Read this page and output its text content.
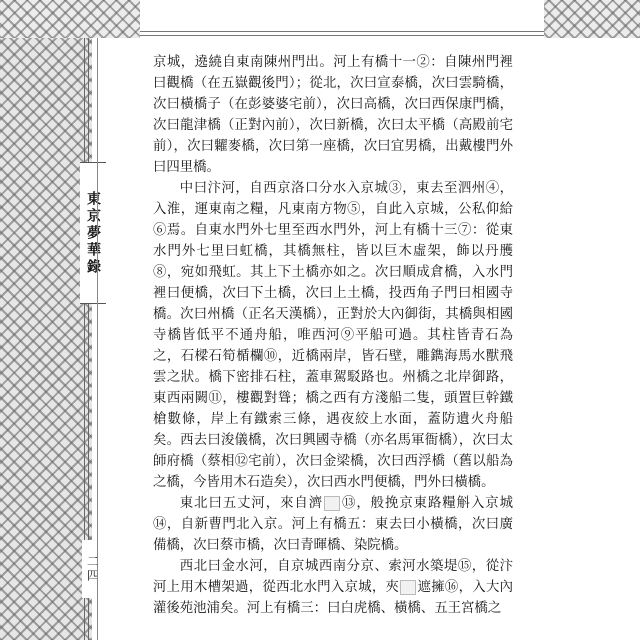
東京夢華錄
二四

京城，遶繞自東南陳州門出。河上有橋十一②：自陳州門裡曰觀橋（在五嶽觀後門）；從北，次曰宣泰橋，次曰雲騎橋，次曰橫橋子（在彭婆婆宅前），次曰高橋，次曰西保康門橋，次曰龍津橋（正對內前），次曰新橋，次曰太平橋（高殿前宅前），次曰糶麥橋，次曰第一座橋，次曰宜男橋，出戴樓門外曰四里橋。

中曰汴河，自西京洛口分水入京城③，東去至泗州④，入淮，運東南之糧，凡東南方物⑤，自此入京城，公私仰給⑥焉。自東水門外七里至西水門外，河上有橋十三⑦：從東水門外七里曰虹橋，其橋無柱，皆以巨木虛架，飾以丹雘⑧，宛如飛虹。其上下土橋亦如之。次曰順成倉橋，入水門裡曰便橋，次曰下土橋，次曰上土橋，投西角子門曰相國寺橋。次曰州橋（正名天漢橋），正對於大內御街，其橋與相國寺橋皆低平不通舟船，唯西河⑨平船可過。其柱皆青石為之，石樑石筍楯欄⑩，近橋兩岸，皆石壁，雕鐫海馬水獸飛雲之狀。橋下密排石柱，蓋車駕駁路也。州橋之北岸御路，東西兩闕⑪，樓觀對聳；橋之西有方淺船二隻，頭置巨幹鐵槍數條，岸上有鐵索三條，遇夜絞上水面，蓋防遺火舟船矣。西去曰浚儀橋，次曰興國寺橋（亦名馬軍衙橋），次曰太師府橋（蔡相⑫宅前），次曰金梁橋，次曰西浮橋（舊以船為之橋，今皆用木石造矣），次曰西水門便橋，門外曰橫橋。

東北曰五丈河，來自濟 ⑬，般挽京東路糧斛入京城⑭，自新曹門北入京。河上有橋五：東去曰小橫橋，次曰廣備橋，次曰蔡市橋，次曰青暉橋、染院橋。

西北曰金水河，自京城西南分京、索河水築堤⑮，從汴河上用木槽架過，從西北水門入京城，夾 遮擁⑯，入大內灌後苑池浦矣。河上有橋三：曰白虎橋、橫橋、五王宮橋之
